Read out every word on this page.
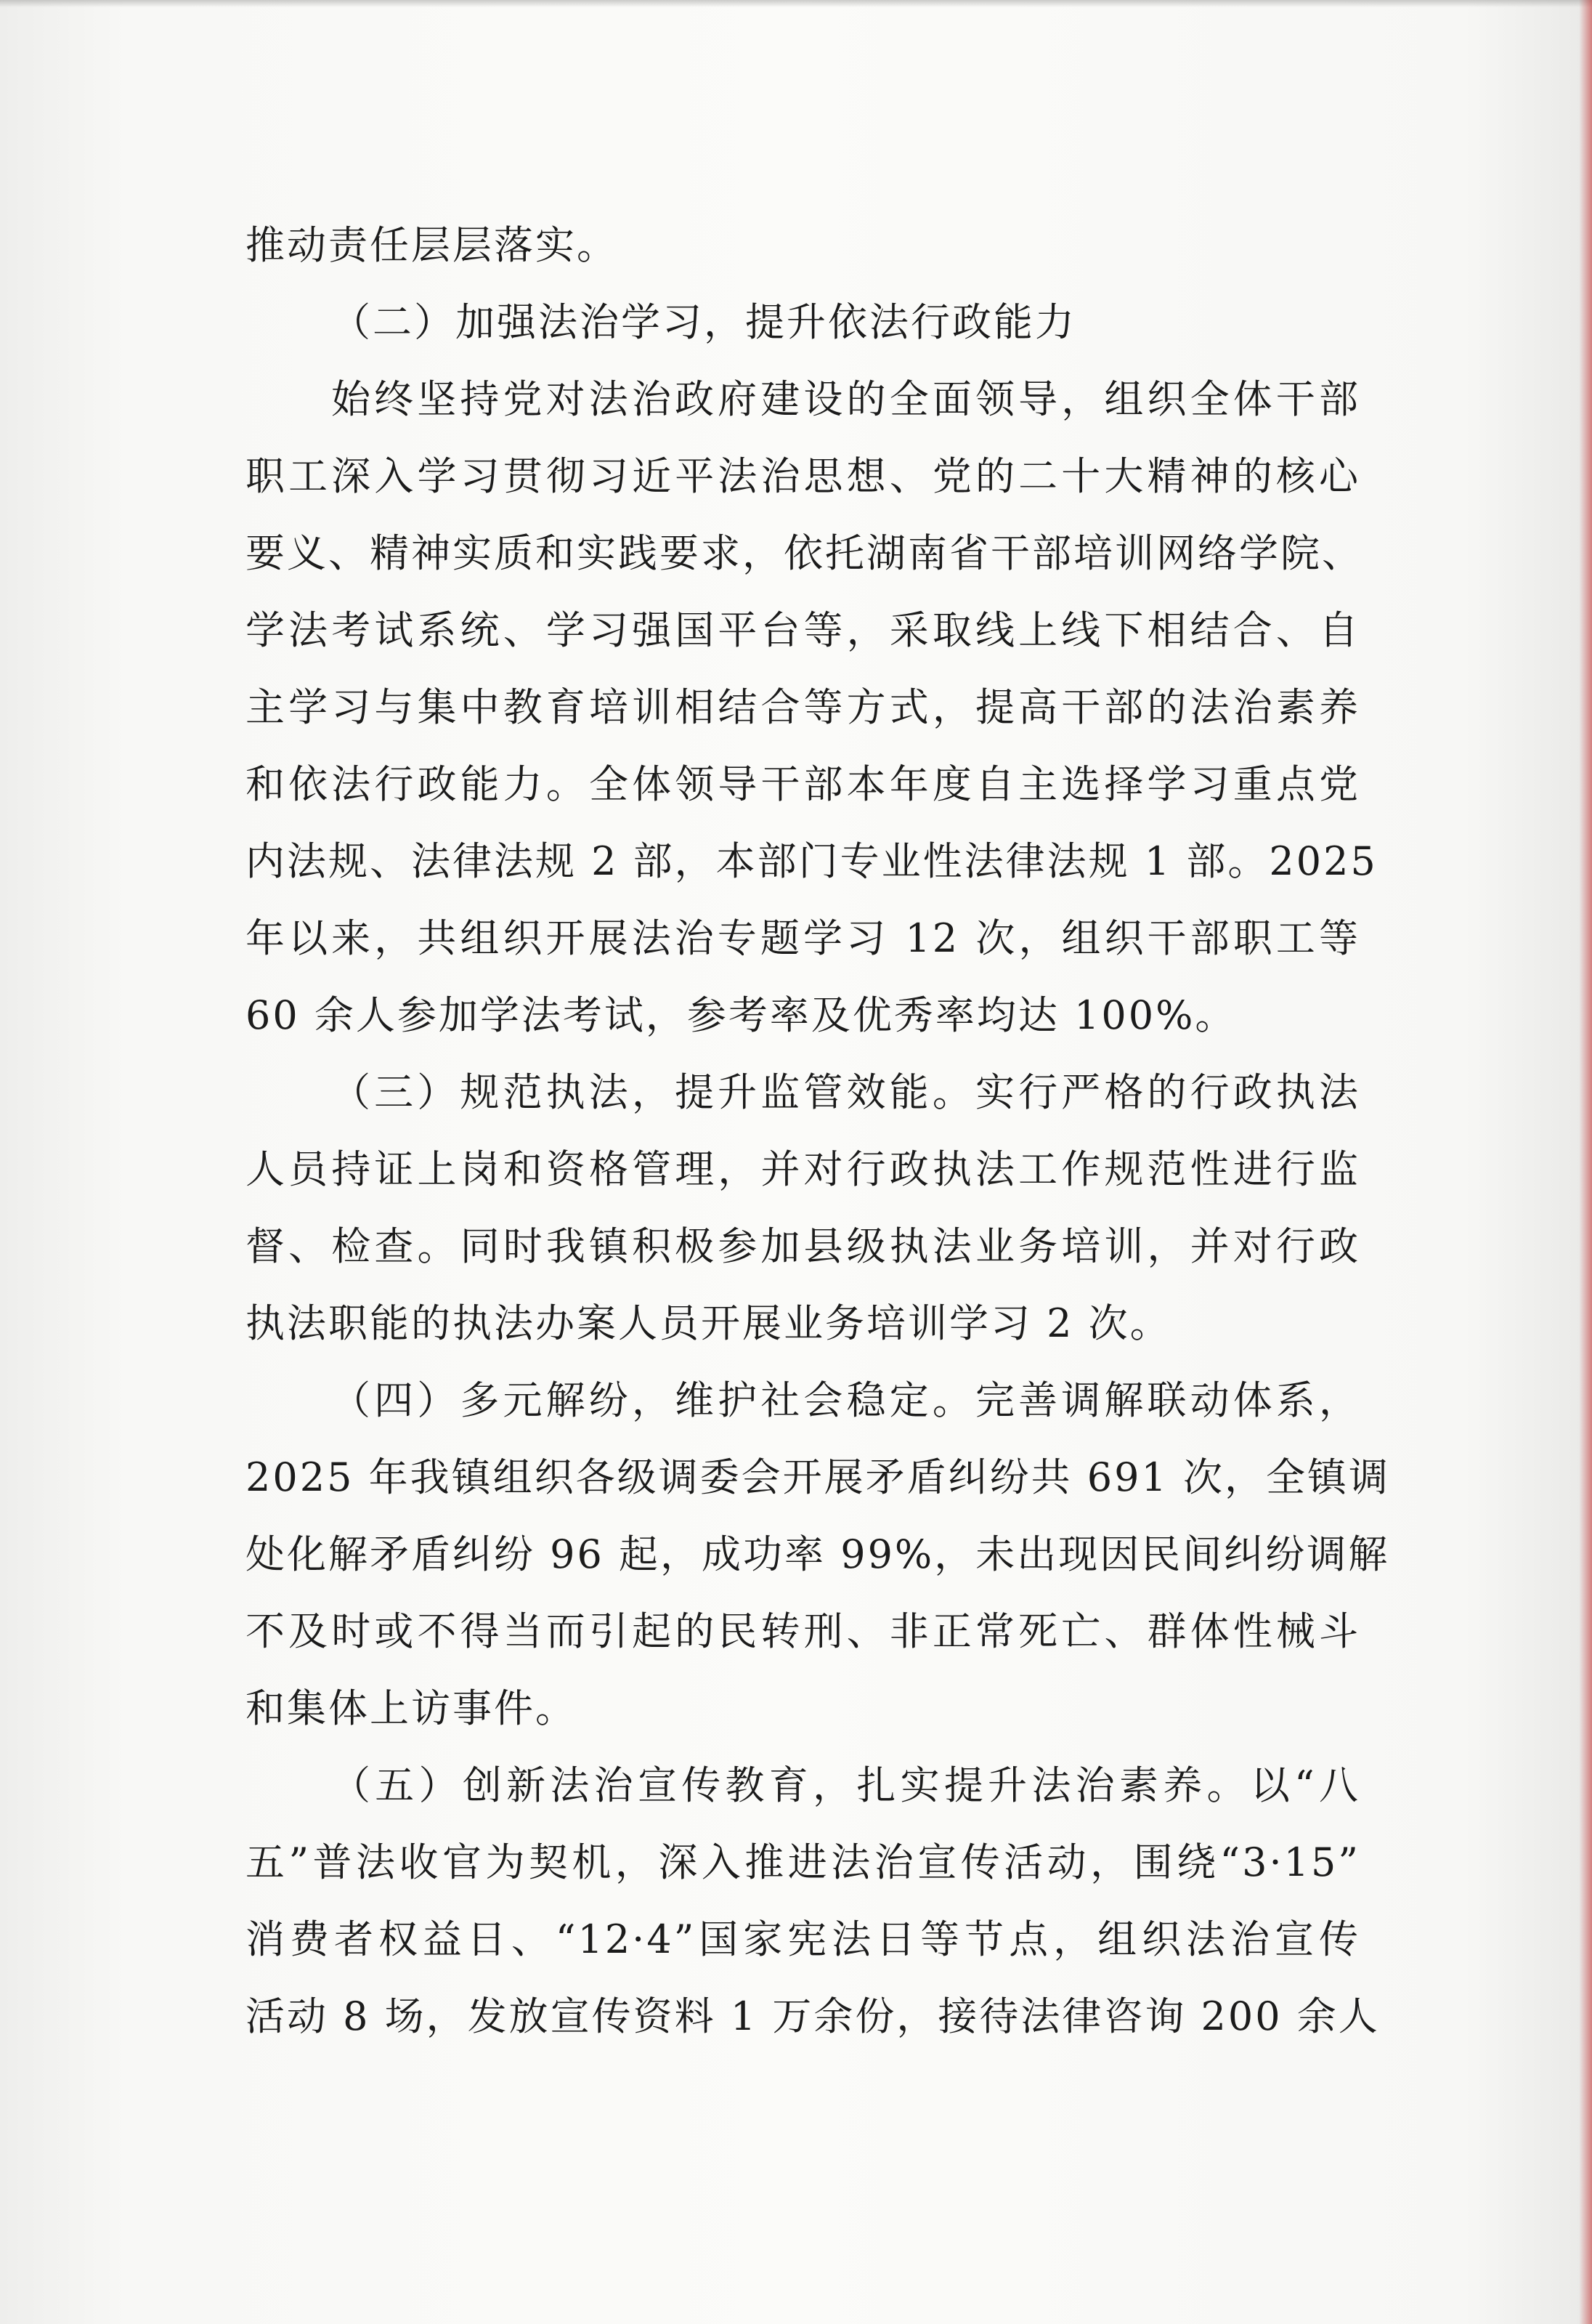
推动责任层层落实。
（二）加强法治学习，提升依法行政能力
始终坚持党对法治政府建设的全面领导，组织全体干部
职工深入学习贯彻习近平法治思想、党的二十大精神的核心
要义、精神实质和实践要求，依托湖南省干部培训网络学院、
学法考试系统、学习强国平台等，采取线上线下相结合、自
主学习与集中教育培训相结合等方式，提高干部的法治素养
和依法行政能力。全体领导干部本年度自主选择学习重点党
内法规、法律法规 2 部，本部门专业性法律法规 1 部。2025
年以来，共组织开展法治专题学习 12 次，组织干部职工等
60 余人参加学法考试，参考率及优秀率均达 100%。
（三）规范执法，提升监管效能。实行严格的行政执法
人员持证上岗和资格管理，并对行政执法工作规范性进行监
督、检查。同时我镇积极参加县级执法业务培训，并对行政
执法职能的执法办案人员开展业务培训学习 2 次。
（四）多元解纷，维护社会稳定。完善调解联动体系，
2025 年我镇组织各级调委会开展矛盾纠纷共 691 次，全镇调
处化解矛盾纠纷 96 起，成功率 99%，未出现因民间纠纷调解
不及时或不得当而引起的民转刑、非正常死亡、群体性械斗
和集体上访事件。
（五）创新法治宣传教育，扎实提升法治素养。以“八
五”普法收官为契机，深入推进法治宣传活动，围绕“3·15”
消费者权益日、“12·4”国家宪法日等节点，组织法治宣传
活动 8 场，发放宣传资料 1 万余份，接待法律咨询 200 余人
